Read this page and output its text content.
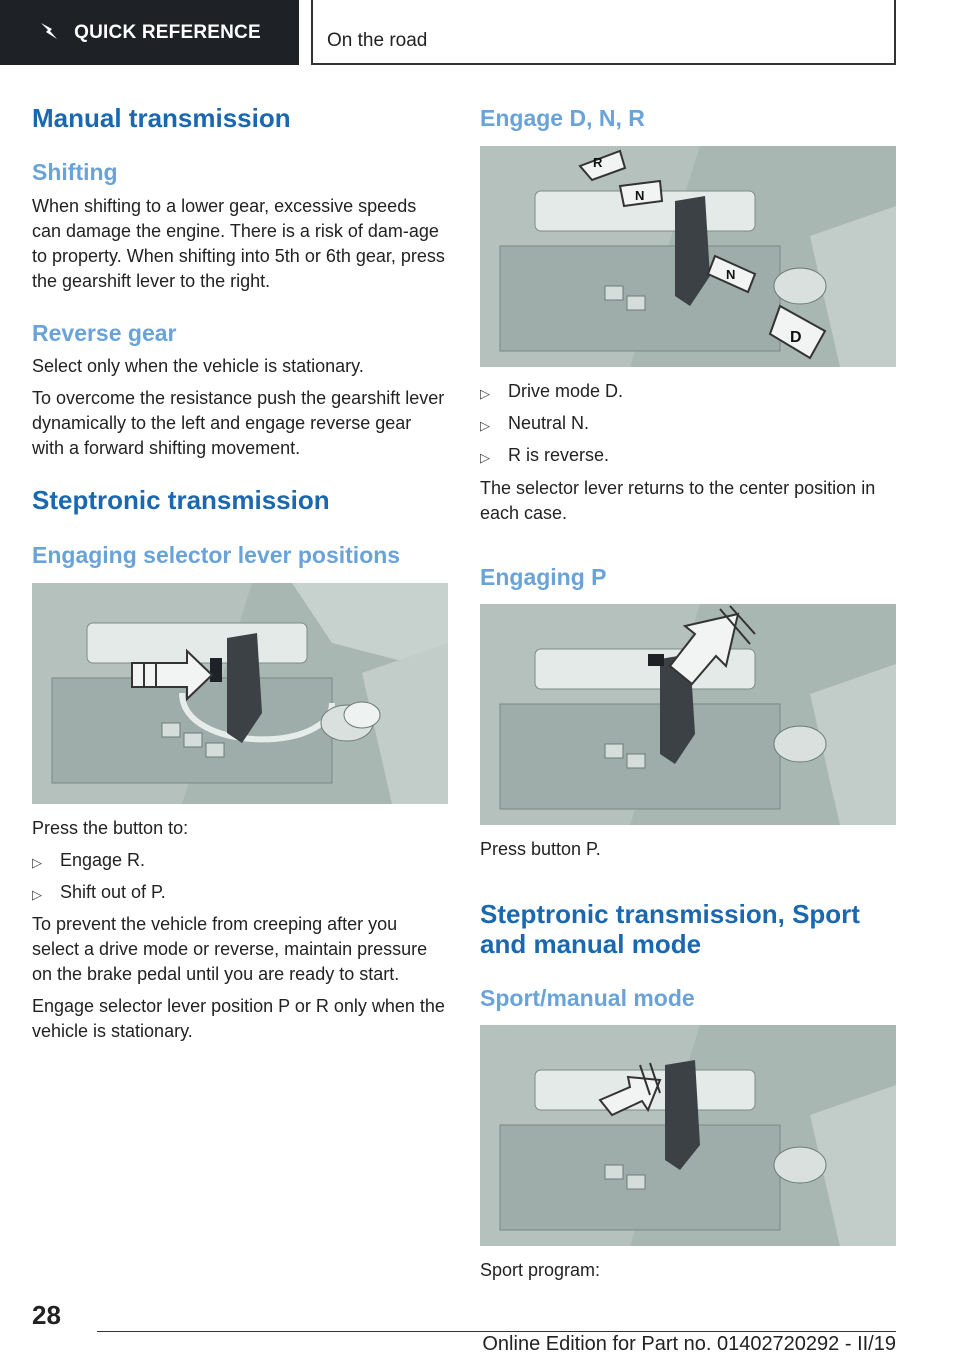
QUICK REFERENCE	On the road
Manual transmission
Shifting
When shifting to a lower gear, excessive speeds can damage the engine. There is a risk of dam-age to property. When shifting into 5th or 6th gear, press the gearshift lever to the right.
Reverse gear
Select only when the vehicle is stationary.
To overcome the resistance push the gearshift lever dynamically to the left and engage reverse gear with a forward shifting movement.
Steptronic transmission
Engaging selector lever positions
Press the button to:
▷	Engage R.
▷	Shift out of P.
To prevent the vehicle from creeping after you select a drive mode or reverse, maintain pressure on the brake pedal until you are ready to start.
Engage selector lever position P or R only when the vehicle is stationary.
Engage D, N, R
R
N
N
D
▷	Drive mode D.
▷	Neutral N.
▷	R is reverse.
The selector lever returns to the center position in each case.
Engaging P
Press button P.
Steptronic transmission, Sport
and manual mode
Sport/manual mode
Sport program:
28
Online Edition for Part no. 01402720292 - II/19
